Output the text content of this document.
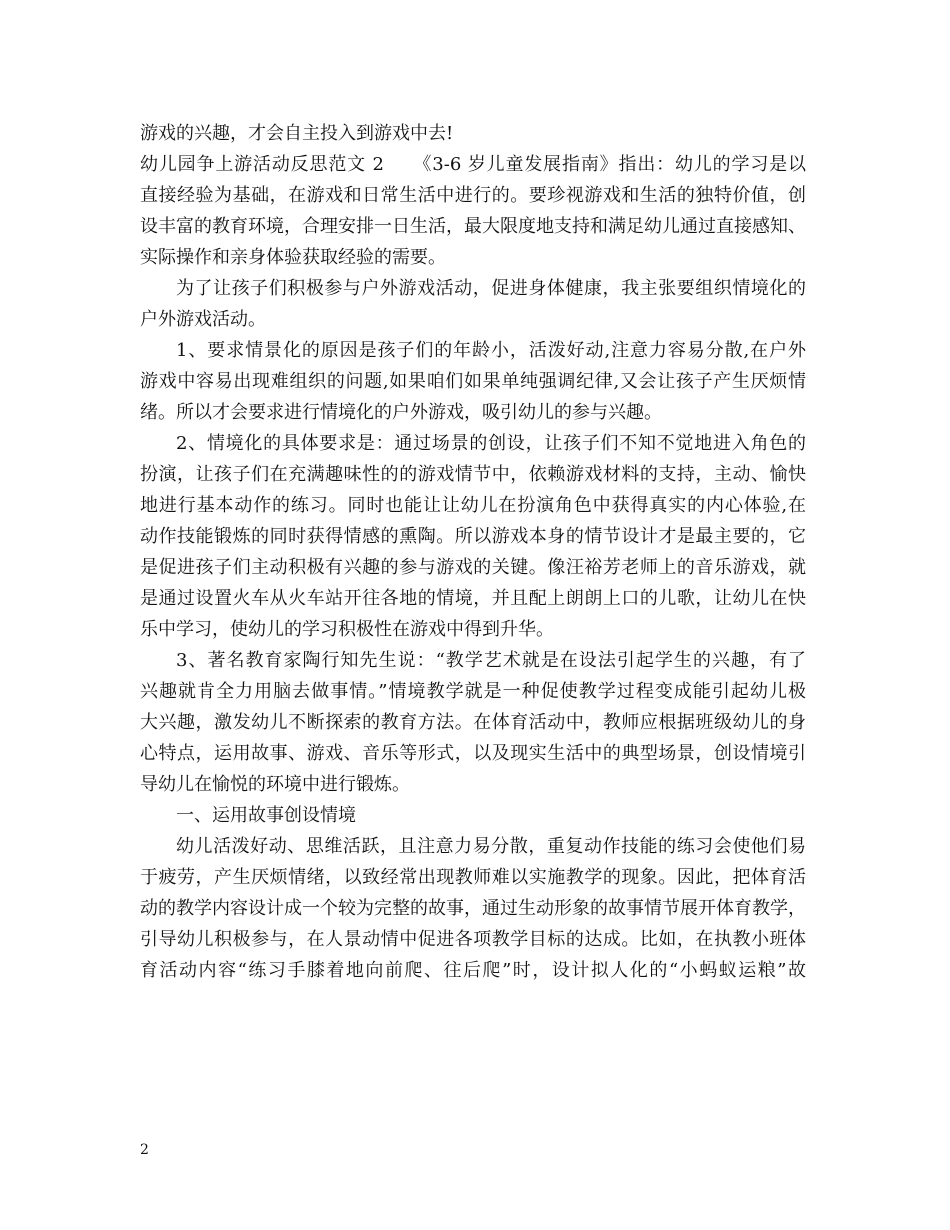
游戏的兴趣，才会自主投入到游戏中去!
幼儿园争上游活动反思范文 2　　《3-6 岁儿童发展指南》指出：幼儿的学习是以
直接经验为基础，在游戏和日常生活中进行的。要珍视游戏和生活的独特价值，创
设丰富的教育环境，合理安排一日生活，最大限度地支持和满足幼儿通过直接感知、
实际操作和亲身体验获取经验的需要。
为了让孩子们积极参与户外游戏活动，促进身体健康，我主张要组织情境化的
户外游戏活动。
1、要求情景化的原因是孩子们的年龄小，活泼好动,注意力容易分散,在户外
游戏中容易出现难组织的问题,如果咱们如果单纯强调纪律,又会让孩子产生厌烦情
绪。所以才会要求进行情境化的户外游戏，吸引幼儿的参与兴趣。
2、情境化的具体要求是：通过场景的创设，让孩子们不知不觉地进入角色的
扮演，让孩子们在充满趣味性的的游戏情节中，依赖游戏材料的支持，主动、愉快
地进行基本动作的练习。同时也能让让幼儿在扮演角色中获得真实的内心体验,在
动作技能锻炼的同时获得情感的熏陶。所以游戏本身的情节设计才是最主要的，它
是促进孩子们主动积极有兴趣的参与游戏的关键。像汪裕芳老师上的音乐游戏，就
是通过设置火车从火车站开往各地的情境，并且配上朗朗上口的儿歌，让幼儿在快
乐中学习，使幼儿的学习积极性在游戏中得到升华。
3、著名教育家陶行知先生说：“教学艺术就是在设法引起学生的兴趣，有了
兴趣就肯全力用脑去做事情。”情境教学就是一种促使教学过程变成能引起幼儿极
大兴趣，激发幼儿不断探索的教育方法。在体育活动中，教师应根据班级幼儿的身
心特点，运用故事、游戏、音乐等形式，以及现实生活中的典型场景，创设情境引
导幼儿在愉悦的环境中进行锻炼。
一、运用故事创设情境
幼儿活泼好动、思维活跃，且注意力易分散，重复动作技能的练习会使他们易
于疲劳，产生厌烦情绪，以致经常出现教师难以实施教学的现象。因此，把体育活
动的教学内容设计成一个较为完整的故事，通过生动形象的故事情节展开体育教学，
引导幼儿积极参与，在人景动情中促进各项教学目标的达成。比如，在执教小班体
育活动内容“练习手膝着地向前爬、往后爬”时，设计拟人化的“小蚂蚁运粮”故
2
